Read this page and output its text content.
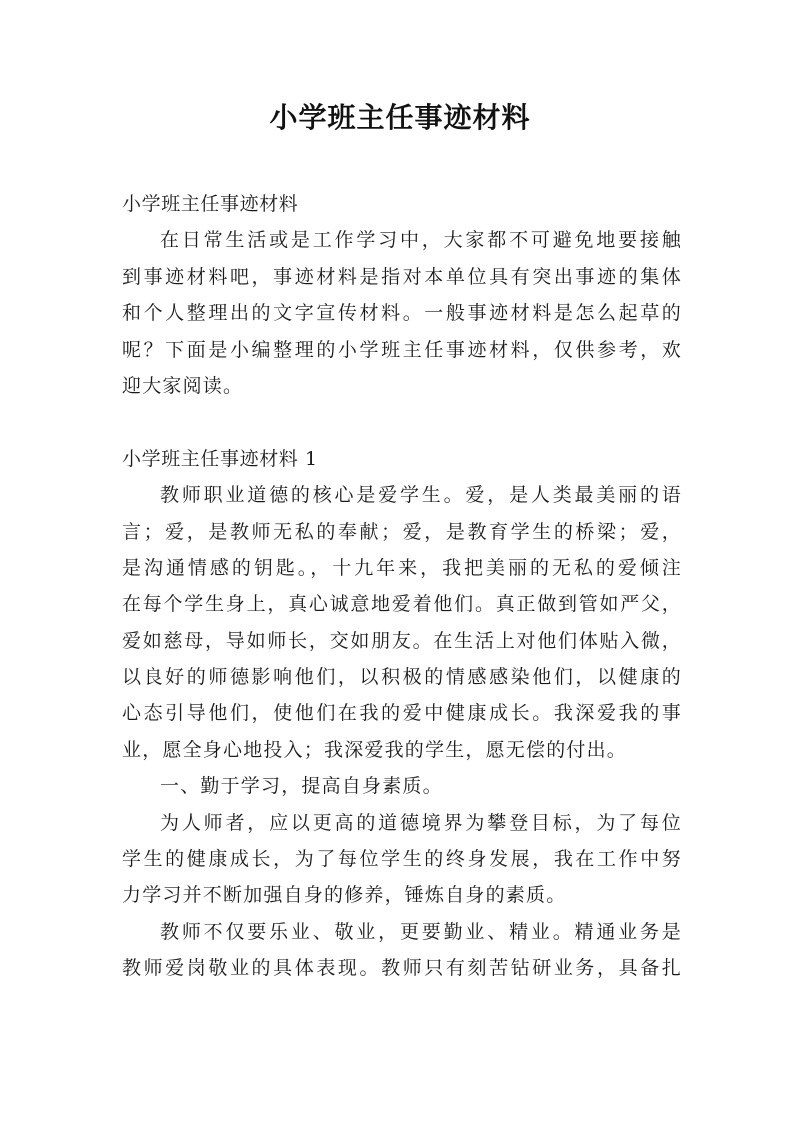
小学班主任事迹材料
小学班主任事迹材料
在日常生活或是工作学习中，大家都不可避免地要接触
到事迹材料吧，事迹材料是指对本单位具有突出事迹的集体
和个人整理出的文字宣传材料。一般事迹材料是怎么起草的
呢？下面是小编整理的小学班主任事迹材料，仅供参考，欢
迎大家阅读。
小学班主任事迹材料 1
教师职业道德的核心是爱学生。爱，是人类最美丽的语
言；爱，是教师无私的奉献；爱，是教育学生的桥梁；爱，
是沟通情感的钥匙。，十九年来，我把美丽的无私的爱倾注
在每个学生身上，真心诚意地爱着他们。真正做到管如严父，
爱如慈母，导如师长，交如朋友。在生活上对他们体贴入微，
以良好的师德影响他们，以积极的情感感染他们，以健康的
心态引导他们，使他们在我的爱中健康成长。我深爱我的事
业，愿全身心地投入；我深爱我的学生，愿无偿的付出。
一、勤于学习，提高自身素质。
为人师者，应以更高的道德境界为攀登目标，为了每位
学生的健康成长，为了每位学生的终身发展，我在工作中努
力学习并不断加强自身的修养，锤炼自身的素质。
教师不仅要乐业、敬业，更要勤业、精业。精通业务是
教师爱岗敬业的具体表现。教师只有刻苦钻研业务，具备扎
